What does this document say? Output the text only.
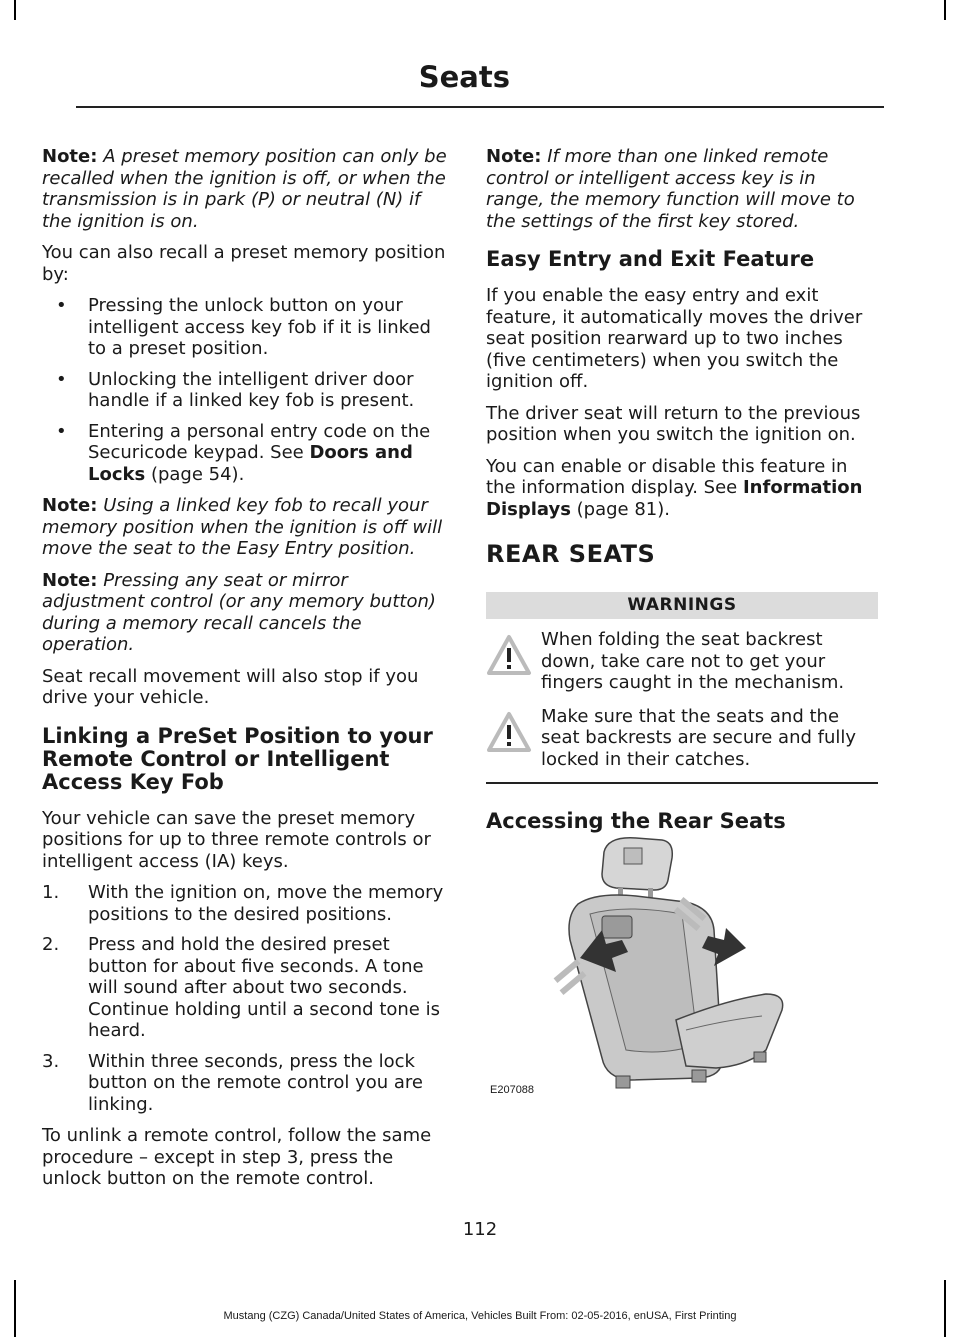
Seats

Note: A preset memory position can only be recalled when the ignition is off, or when the transmission is in park (P) or neutral (N) if the ignition is on.

You can also recall a preset memory position by:

• Pressing the unlock button on your intelligent access key fob if it is linked to a preset position.
• Unlocking the intelligent driver door handle if a linked key fob is present.
• Entering a personal entry code on the Securicode keypad. See Doors and Locks (page 54).

Note: Using a linked key fob to recall your memory position when the ignition is off will move the seat to the Easy Entry position.

Note: Pressing any seat or mirror adjustment control (or any memory button) during a memory recall cancels the operation.

Seat recall movement will also stop if you drive your vehicle.

Linking a PreSet Position to your Remote Control or Intelligent Access Key Fob

Your vehicle can save the preset memory positions for up to three remote controls or intelligent access (IA) keys.

1. With the ignition on, move the memory positions to the desired positions.
2. Press and hold the desired preset button for about five seconds. A tone will sound after about two seconds. Continue holding until a second tone is heard.
3. Within three seconds, press the lock button on the remote control you are linking.

To unlink a remote control, follow the same procedure – except in step 3, press the unlock button on the remote control.

Note: If more than one linked remote control or intelligent access key is in range, the memory function will move to the settings of the first key stored.

Easy Entry and Exit Feature

If you enable the easy entry and exit feature, it automatically moves the driver seat position rearward up to two inches (five centimeters) when you switch the ignition off.

The driver seat will return to the previous position when you switch the ignition on.

You can enable or disable this feature in the information display. See Information Displays (page 81).

REAR SEATS
WARNINGS
When folding the seat backrest down, take care not to get your fingers caught in the mechanism.
Make sure that the seats and the seat backrests are secure and fully locked in their catches.
Accessing the Rear Seats
E207088
112
Mustang (CZG) Canada/United States of America, Vehicles Built From: 02-05-2016, enUSA, First Printing
